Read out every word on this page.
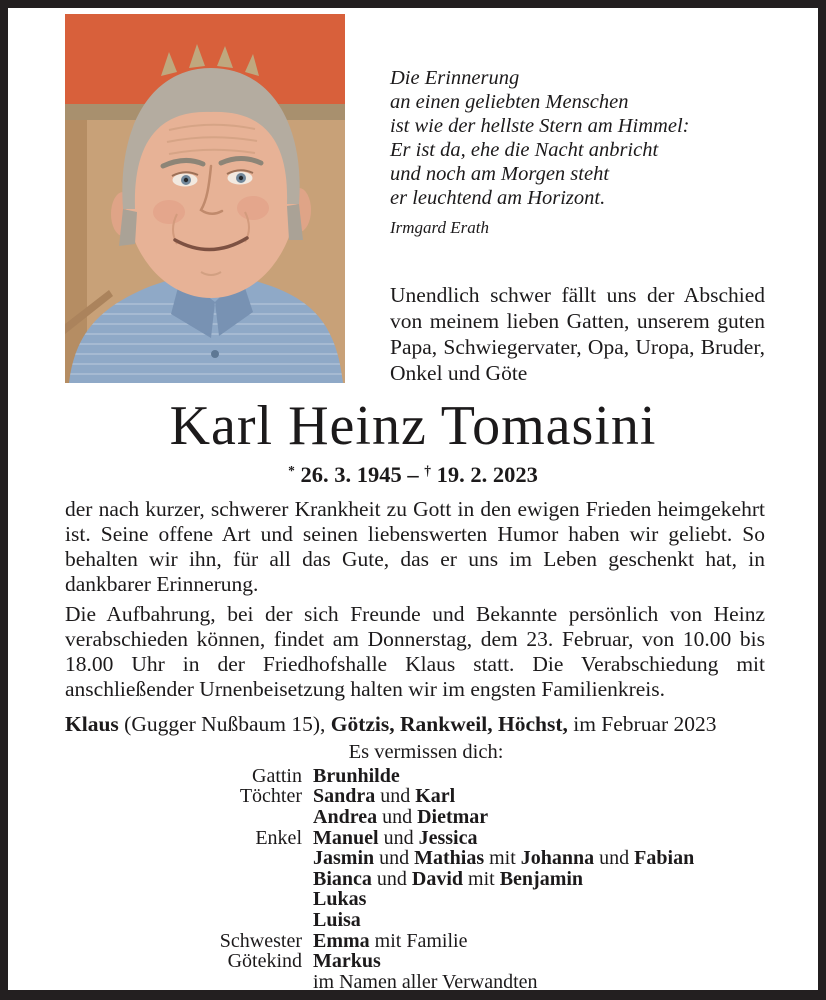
Die Erinnerung
an einen geliebten Menschen
ist wie der hellste Stern am Himmel:
Er ist da, ehe die Nacht anbricht
und noch am Morgen steht
er leuchtend am Horizont.
Irmgard Erath
Unendlich schwer fällt uns der Abschied von meinem lieben Gatten, unserem guten Papa, Schwiegervater, Opa, Uropa, Bruder, Onkel und Göte
Karl Heinz Tomasini
* 26. 3. 1945 – † 19. 2. 2023

der nach kurzer, schwerer Krankheit zu Gott in den ewigen Frieden heimgekehrt ist. Seine offene Art und seinen liebenswerten Humor haben wir geliebt. So behalten wir ihn, für all das Gute, das er uns im Leben geschenkt hat, in dankbarer Erinnerung.

Die Aufbahrung, bei der sich Freunde und Bekannte persönlich von Heinz verabschieden können, findet am Donnerstag, dem 23. Februar, von 10.00 bis 18.00 Uhr in der Friedhofshalle Klaus statt. Die Verabschiedung mit anschließender Urnenbeisetzung halten wir im engsten Familienkreis.

Klaus (Gugger Nußbaum 15), Götzis, Rankweil, Höchst, im Februar 2023
Es vermissen dich:
Gattin Brunhilde
Töchter Sandra und Karl
Andrea und Dietmar
Enkel Manuel und Jessica
Jasmin und Mathias mit Johanna und Fabian
Bianca und David mit Benjamin
Lukas
Luisa
Schwester Emma mit Familie
Götekind Markus
im Namen aller Verwandten
